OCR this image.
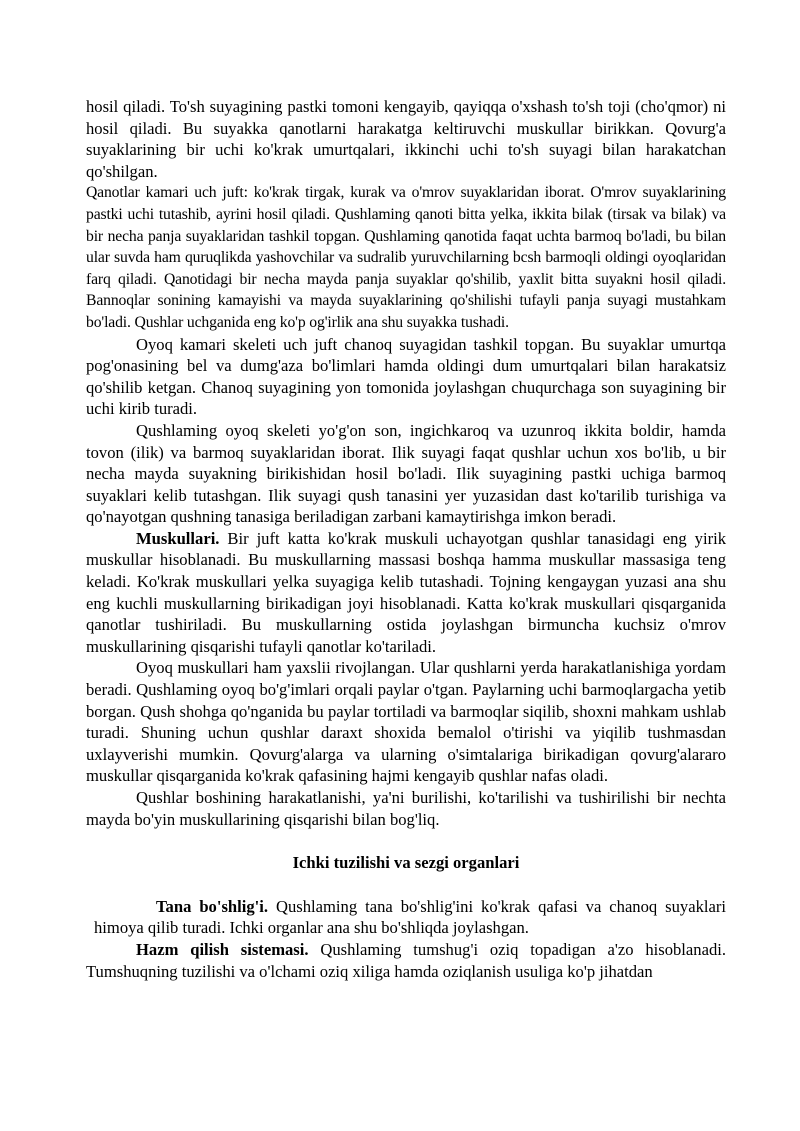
hosil qiladi. To'sh suyagining pastki tomoni kengayib, qayiqqa o'xshash to'sh toji (cho'qmor) ni hosil qiladi. Bu suyakka qanotlarni harakatga keltiruvchi muskullar birikkan. Qovurg'a suyaklarining bir uchi ko'krak umurtqalari, ikkinchi uchi to'sh suyagi bilan harakatchan qo'shilgan.

Qanotlar kamari uch juft: ko'krak tirgak, kurak va o'mrov suyaklaridan iborat. O'mrov suyaklarining pastki uchi tutashib, ayrini hosil qiladi. Qushlaming qanoti bitta yelka, ikkita bilak (tirsak va bilak) va bir necha panja suyaklaridan tashkil topgan. Qushlaming qanotida faqat uchta barmoq bo'ladi, bu bilan ular suvda ham quruqlikda yashovchilar va sudralib yuruvchilarning bcsh barmoqli oldingi oyoqlaridan farq qiladi. Qanotidagi bir necha mayda panja suyaklar qo'shilib, yaxlit bitta suyakni hosil qiladi. Bannoqlar sonining kamayishi va mayda suyaklarining qo'shilishi tufayli panja suyagi mustahkam bo'ladi. Qushlar uchganida eng ko'p og'irlik ana shu suyakka tushadi.

Oyoq kamari skeleti uch juft chanoq suyagidan tashkil topgan. Bu suyaklar umurtqa pog'onasining bel va dumg'aza bo'limlari hamda oldingi dum umurtqalari bilan harakatsiz qo'shilib ketgan. Chanoq suyagining yon tomonida joylashgan chuqurchaga son suyagining bir uchi kirib turadi.

Qushlaming oyoq skeleti yo'g'on son, ingichkaroq va uzunroq ikkita boldir, hamda tovon (ilik) va barmoq suyaklaridan iborat. Ilik suyagi faqat qushlar uchun xos bo'lib, u bir necha mayda suyakning birikishidan hosil bo'ladi. Ilik suyagining pastki uchiga barmoq suyaklari kelib tutashgan. Ilik suyagi qush tanasini yer yuzasidan dast ko'tarilib turishiga va qo'nayotgan qushning tanasiga beriladigan zarbani kamaytirishga imkon beradi.

Muskullari. Bir juft katta ko'krak muskuli uchayotgan qushlar tanasidagi eng yirik muskullar hisoblanadi. Bu muskullarning massasi boshqa hamma muskullar massasiga teng keladi. Ko'krak muskullari yelka suyagiga kelib tutashadi. Tojning kengaygan yuzasi ana shu eng kuchli muskullarning birikadigan joyi hisoblanadi. Katta ko'krak muskullari qisqarganida qanotlar tushiriladi. Bu muskullarning ostida joylashgan birmuncha kuchsiz o'mrov muskullarining qisqarishi tufayli qanotlar ko'tariladi.

Oyoq muskullari ham yaxslii rivojlangan. Ular qushlarni yerda harakatlanishiga yordam beradi. Qushlaming oyoq bo'g'imlari orqali paylar o'tgan. Paylarning uchi barmoqlargacha yetib borgan. Qush shohga qo'nganida bu paylar tortiladi va barmoqlar siqilib, shoxni mahkam ushlab turadi. Shuning uchun qushlar daraxt shoxida bemalol o'tirishi va yiqilib tushmasdan uxlayverishi mumkin. Qovurg'alarga va ularning o'simtalariga birikadigan qovurg'alararo muskullar qisqarganida ko'krak qafasining hajmi kengayib qushlar nafas oladi.

Qushlar boshining harakatlanishi, ya'ni burilishi, ko'tarilishi va tushirilishi bir nechta mayda bo'yin muskullarining qisqarishi bilan bog'liq.

Ichki tuzilishi va sezgi organlari

Tana bo'shlig'i. Qushlaming tana bo'shlig'ini ko'krak qafasi va chanoq suyaklari himoya qilib turadi. Ichki organlar ana shu bo'shliqda joylashgan.

Hazm qilish sistemasi. Qushlaming tumshug'i oziq topadigan a'zo hisoblanadi. Tumshuqning tuzilishi va o'lchami oziq xiliga hamda oziqlanish usuliga ko'p jihatdan
